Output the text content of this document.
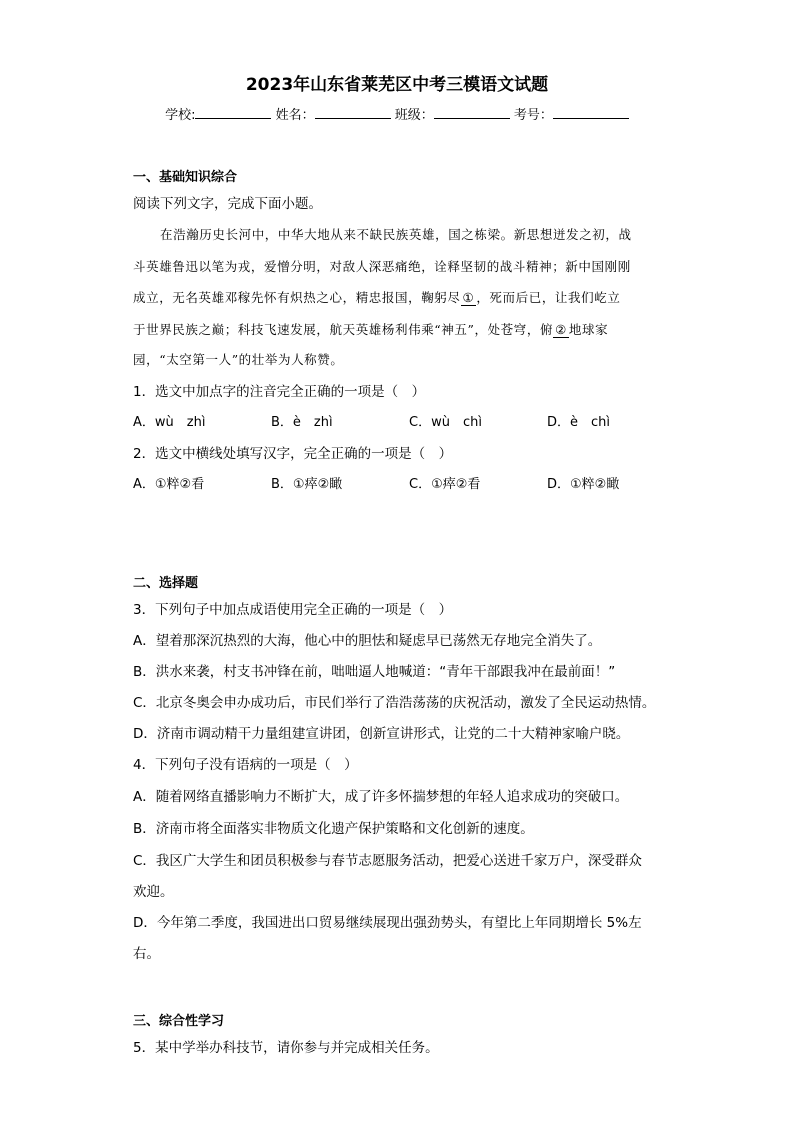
2023年山东省莱芜区中考三模语文试题
学校:	姓名：	班级：	考号：
一、基础知识综合
阅读下列文字，完成下面小题。
在浩瀚历史长河中，中华大地从来不缺民族英雄，国之栋梁。新思想迸发之初，战
斗英雄鲁迅以笔为戎，爱憎分明，对敌人深恶痛绝，诠释坚韧的战斗精神；新中国刚刚
成立，无名英雄邓稼先怀有炽热之心，精忠报国，鞠躬尽 ① ，死而后已，让我们屹立
于世界民族之巅；科技飞速发展，航天英雄杨利伟乘“神五”，处苍穹，俯 ② 地球家
园，“太空第一人”的壮举为人称赞。
1．选文中加点字的注音完全正确的一项是（　）
A．wù　zhì	B．è　zhì	C．wù　chì	D．è　chì
2．选文中横线处填写汉字，完全正确的一项是（　）
A．①粹②看	B．①瘁②瞰	C．①瘁②看	D．①粹②瞰
二、选择题
3．下列句子中加点成语使用完全正确的一项是（　）
A．望着那深沉热烈的大海，他心中的胆怯和疑虑早已荡然无存地完全消失了。
B．洪水来袭，村支书冲锋在前，咄咄逼人地喊道：“青年干部跟我冲在最前面！”
C．北京冬奥会申办成功后，市民们举行了浩浩荡荡的庆祝活动，激发了全民运动热情。
D．济南市调动精干力量组建宣讲团，创新宣讲形式，让党的二十大精神家喻户晓。
4．下列句子没有语病的一项是（　）
A．随着网络直播影响力不断扩大，成了许多怀揣梦想的年轻人追求成功的突破口。
B．济南市将全面落实非物质文化遗产保护策略和文化创新的速度。
C．我区广大学生和团员积极参与春节志愿服务活动，把爱心送进千家万户，深受群众
欢迎。
D．今年第二季度，我国进出口贸易继续展现出强劲势头，有望比上年同期增长 5%左
右。
三、综合性学习
5．某中学举办科技节，请你参与并完成相关任务。
